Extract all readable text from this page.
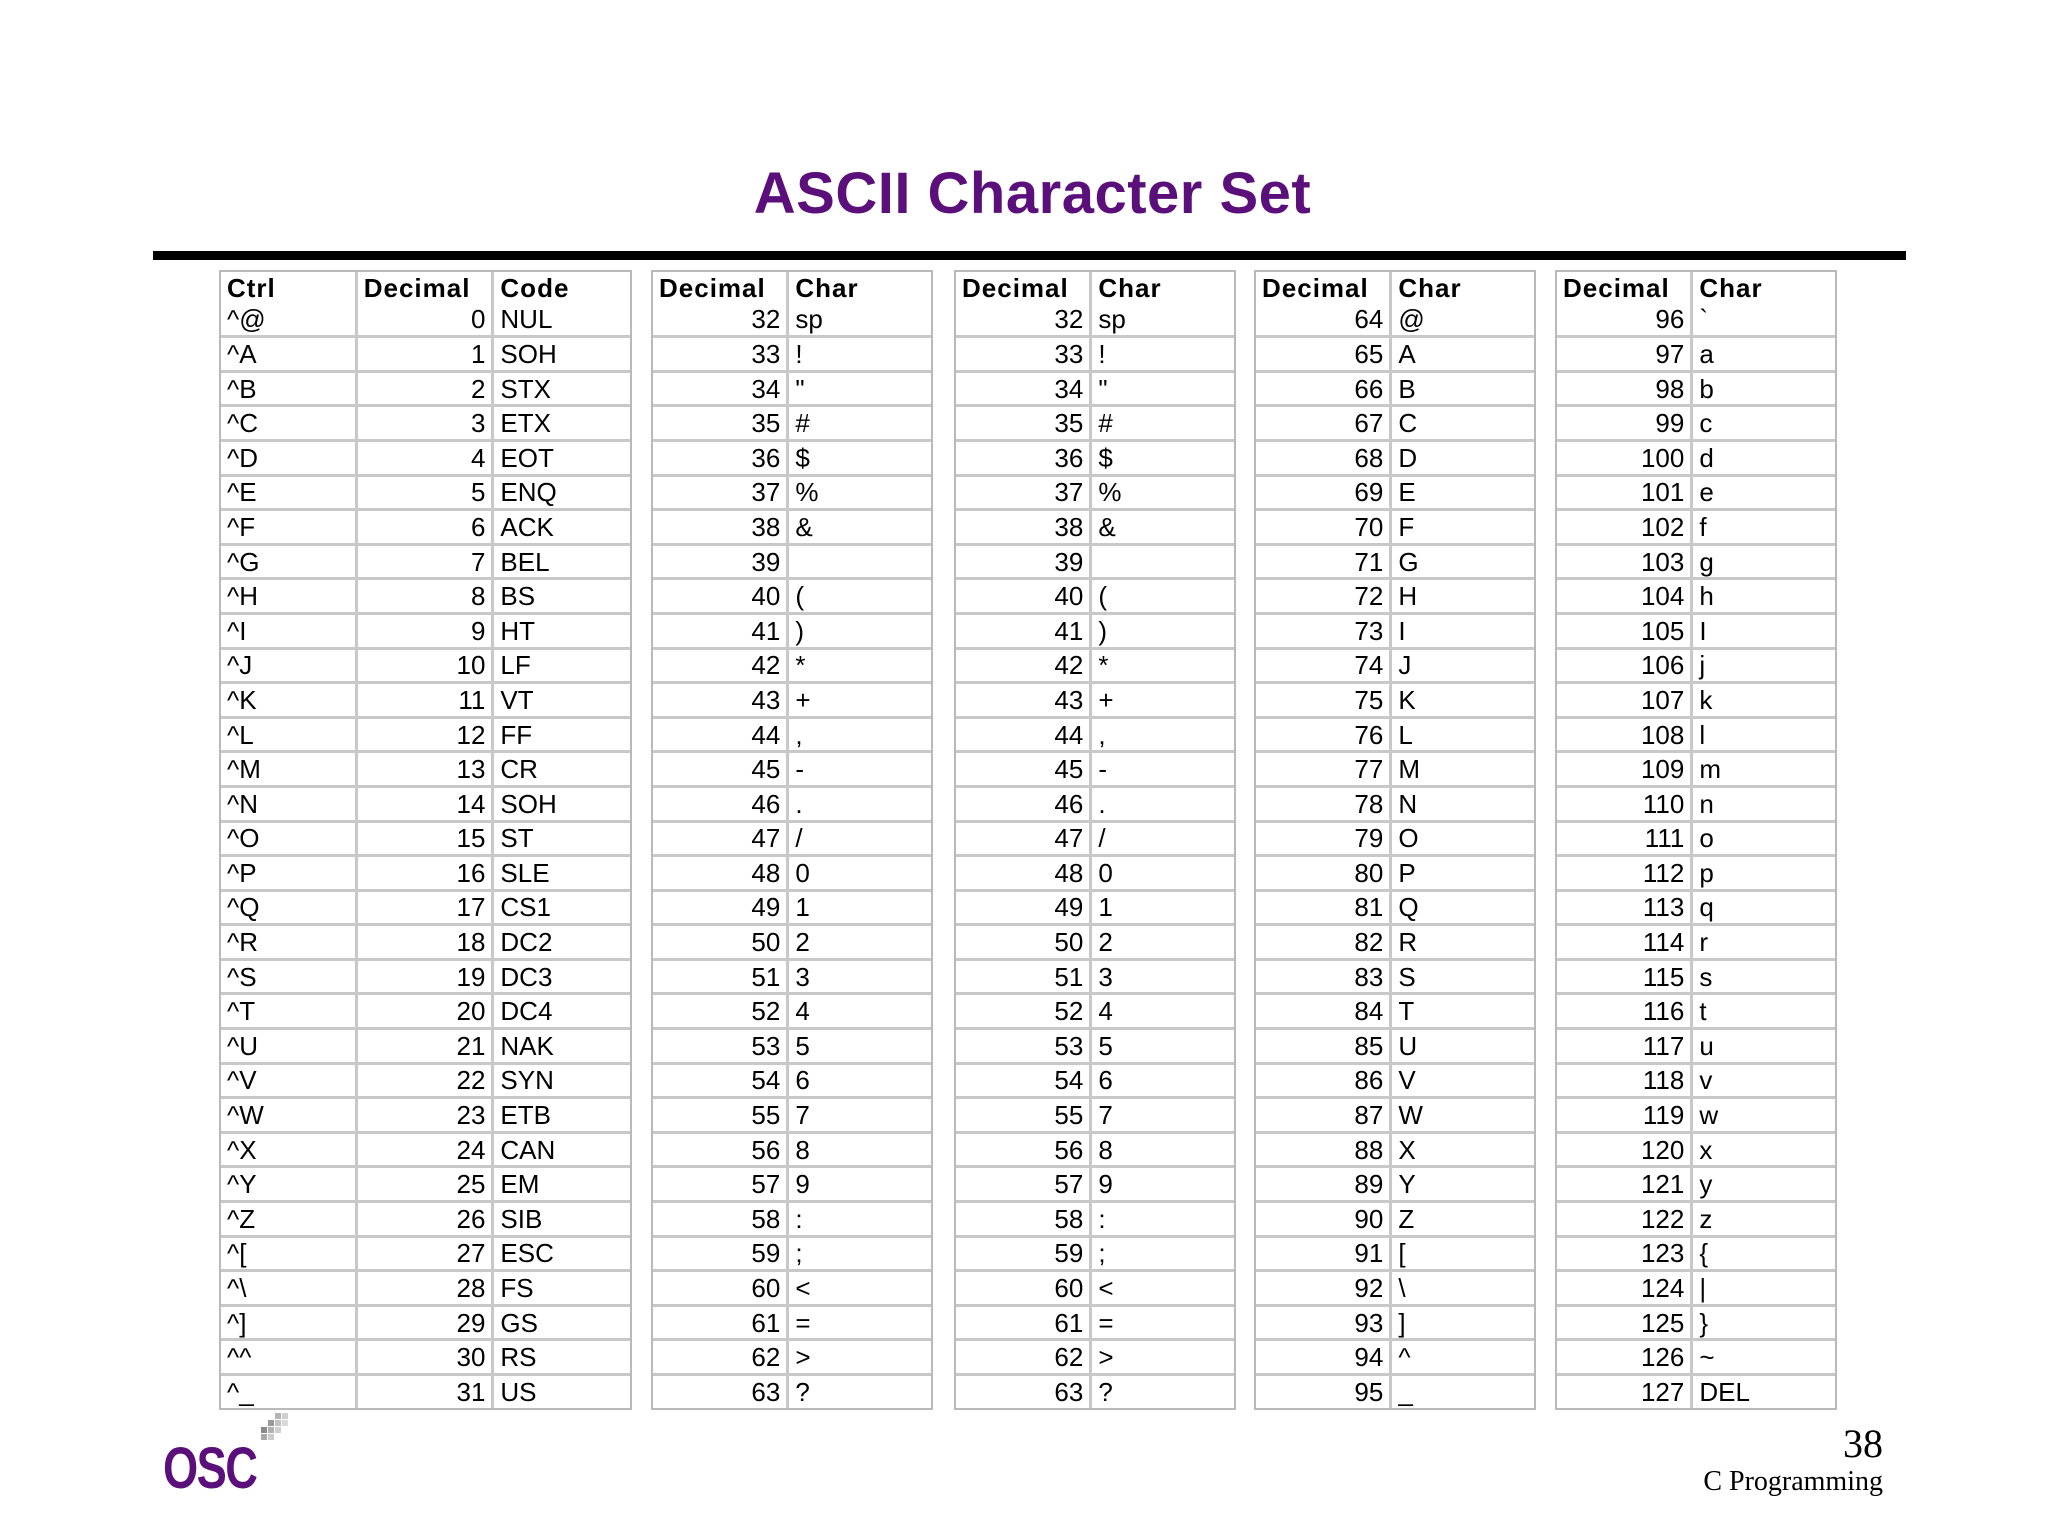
ASCII Character Set
Ctrl	Decimal	Code
^@	0	NUL
^A	1	SOH
^B	2	STX
^C	3	ETX
^D	4	EOT
^E	5	ENQ
^F	6	ACK
^G	7	BEL
^H	8	BS
^I	9	HT
^J	10	LF
^K	11	VT
^L	12	FF
^M	13	CR
^N	14	SOH
^O	15	ST
^P	16	SLE
^Q	17	CS1
^R	18	DC2
^S	19	DC3
^T	20	DC4
^U	21	NAK
^V	22	SYN
^W	23	ETB
^X	24	CAN
^Y	25	EM
^Z	26	SIB
^[	27	ESC
^\	28	FS
^]	29	GS
^^	30	RS
^_	31	US
Decimal	Char
32	sp
33	!
34	"
35	#
36	$
37	%
38	&
39	
40	(
41	)
42	*
43	+
44	,
45	-
46	.
47	/
48	0
49	1
50	2
51	3
52	4
53	5
54	6
55	7
56	8
57	9
58	:
59	;
60	<
61	=
62	>
63	?
Decimal	Char
32	sp
33	!
34	"
35	#
36	$
37	%
38	&
39	
40	(
41	)
42	*
43	+
44	,
45	-
46	.
47	/
48	0
49	1
50	2
51	3
52	4
53	5
54	6
55	7
56	8
57	9
58	:
59	;
60	<
61	=
62	>
63	?
Decimal	Char
64	@
65	A
66	B
67	C
68	D
69	E
70	F
71	G
72	H
73	I
74	J
75	K
76	L
77	M
78	N
79	O
80	P
81	Q
82	R
83	S
84	T
85	U
86	V
87	W
88	X
89	Y
90	Z
91	[
92	\
93	]
94	^
95	_
Decimal	Char
96	`
97	a
98	b
99	c
100	d
101	e
102	f
103	g
104	h
105	I
106	j
107	k
108	l
109	m
110	n
111	o
112	p
113	q
114	r
115	s
116	t
117	u
118	v
119	w
120	x
121	y
122	z
123	{
124	|
125	}
126	~
127	DEL
OSC	38
C Programming
